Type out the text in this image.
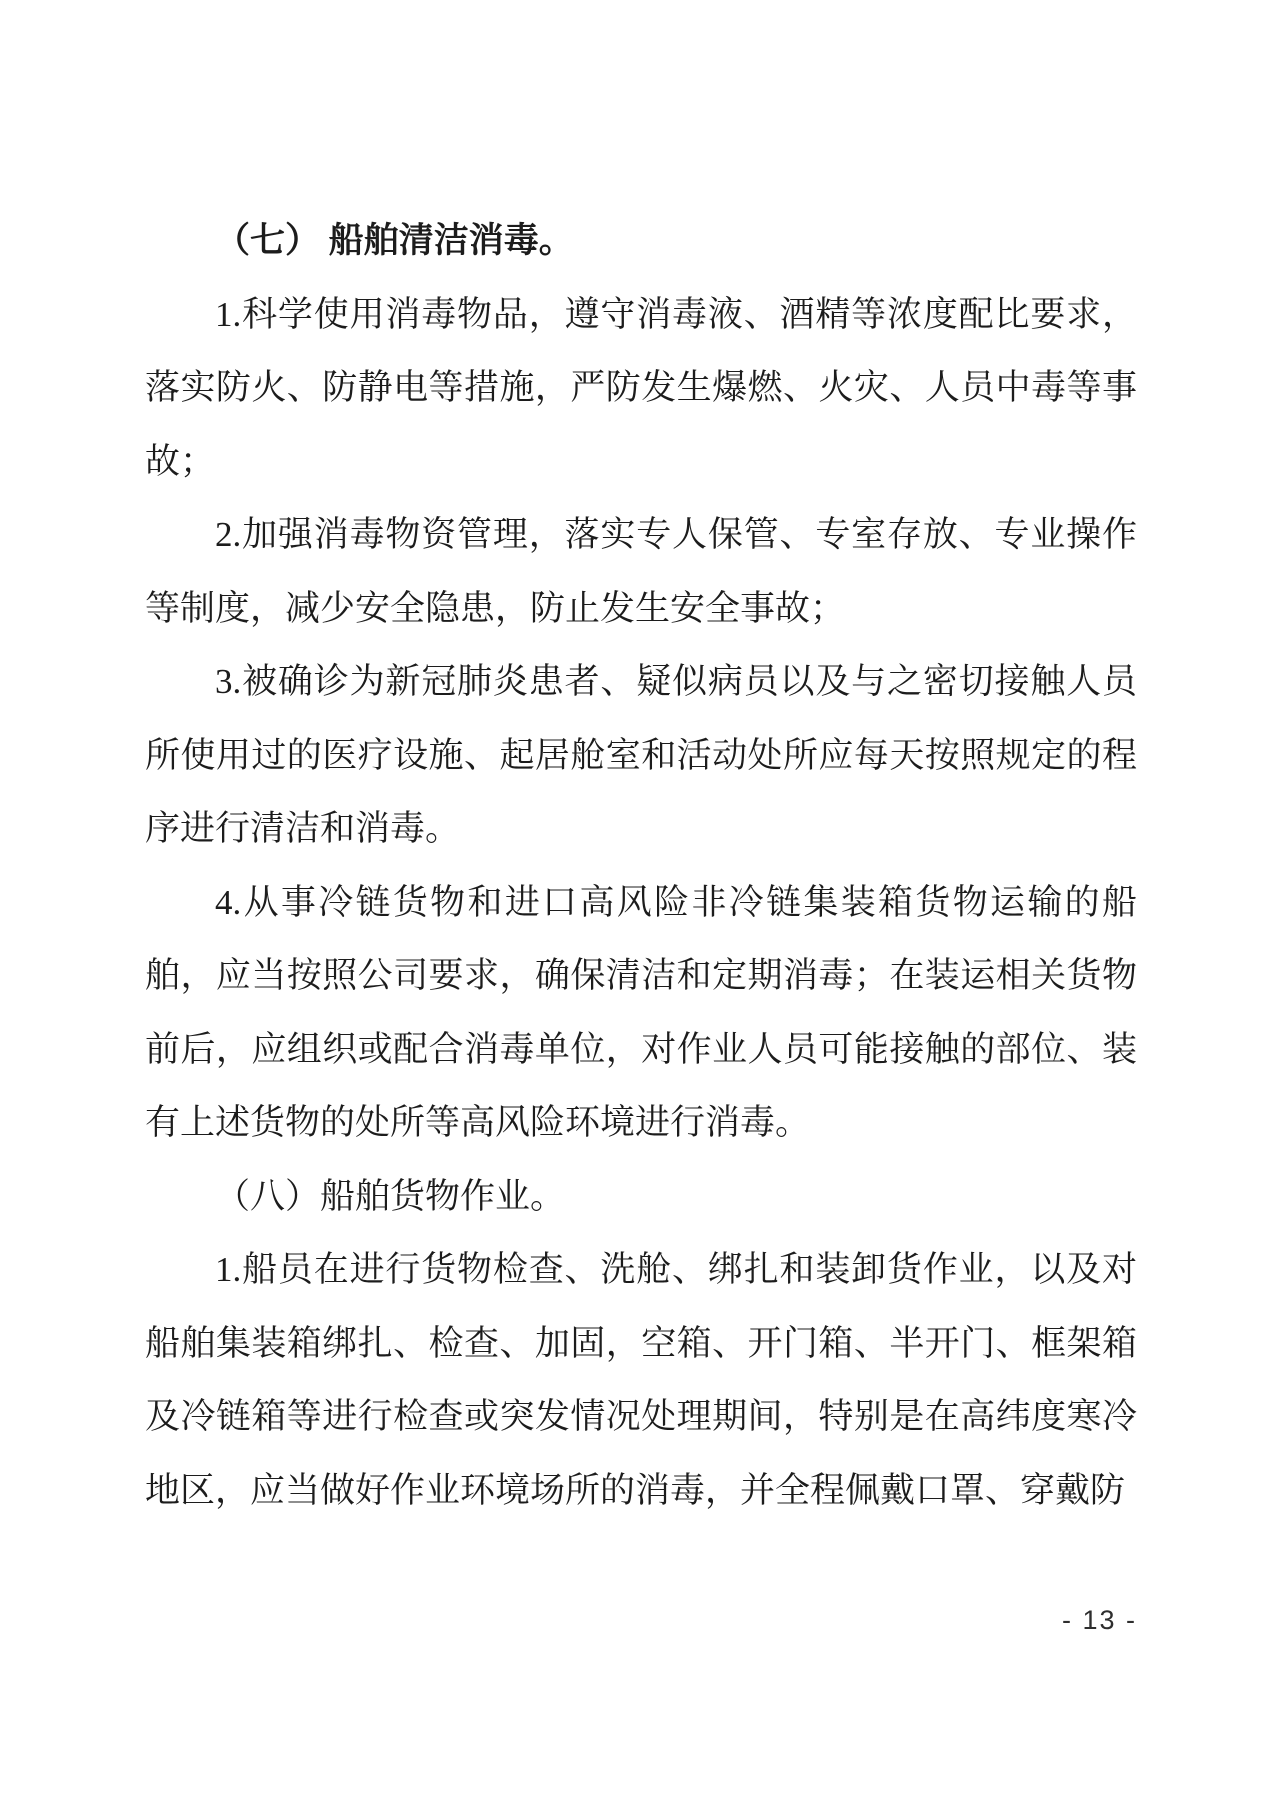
（七） 船舶清洁消毒。

1.科学使用消毒物品，遵守消毒液、酒精等浓度配比要求，落实防火、防静电等措施，严防发生爆燃、火灾、人员中毒等事故；

2.加强消毒物资管理，落实专人保管、专室存放、专业操作等制度，减少安全隐患，防止发生安全事故；

3.被确诊为新冠肺炎患者、疑似病员以及与之密切接触人员所使用过的医疗设施、起居舱室和活动处所应每天按照规定的程序进行清洁和消毒。

4.从事冷链货物和进口高风险非冷链集装箱货物运输的船舶，应当按照公司要求，确保清洁和定期消毒；在装运相关货物前后，应组织或配合消毒单位，对作业人员可能接触的部位、装有上述货物的处所等高风险环境进行消毒。

（八）船舶货物作业。

1.船员在进行货物检查、洗舱、绑扎和装卸货作业，以及对船舶集装箱绑扎、检查、加固，空箱、开门箱、半开门、框架箱及冷链箱等进行检查或突发情况处理期间，特别是在高纬度寒冷地区，应当做好作业环境场所的消毒，并全程佩戴口罩、穿戴防

- 13 -
